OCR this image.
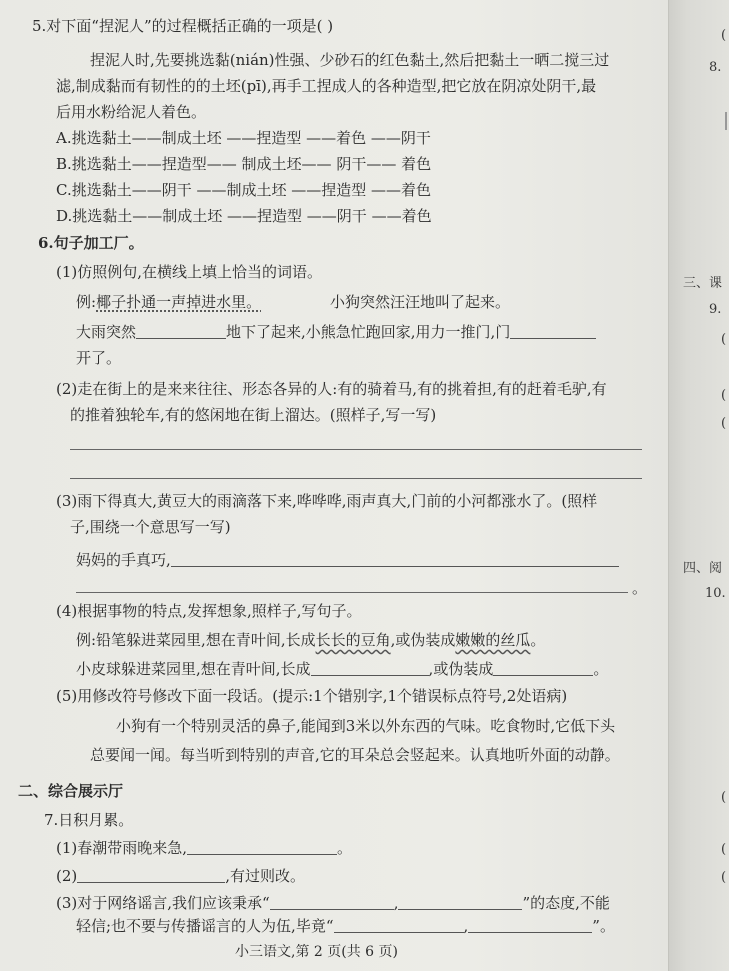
5.对下面“捏泥人”的过程概括正确的一项是( )
捏泥人时,先要挑选黏(nián)性强、少砂石的红色黏土,然后把黏土一晒二搅三过
滤,制成黏而有韧性的的土坯(pī),再手工捏成人的各种造型,把它放在阴凉处阴干,最
后用水粉给泥人着色。
A.挑选黏土——制成土坯 ——捏造型 ——着色 ——阴干
B.挑选黏土——捏造型—— 制成土坯—— 阴干—— 着色
C.挑选黏土——阴干 ——制成土坯 ——捏造型 ——着色
D.挑选黏土——制成土坯 ——捏造型 ——阴干 ——着色
6.句子加工厂。
(1)仿照例句,在横线上填上恰当的词语。
例:椰子扑通一声掉进水里。	小狗突然汪汪地叫了起来。
大雨突然	地下了起来,小熊急忙跑回家,用力一推门,门
开了。
(2)走在街上的是来来往往、形态各异的人:有的骑着马,有的挑着担,有的赶着毛驴,有
的推着独轮车,有的悠闲地在街上溜达。(照样子,写一写)
(3)雨下得真大,黄豆大的雨滴落下来,哗哗哗,雨声真大,门前的小河都涨水了。(照样
子,围绕一个意思写一写)
妈妈的手真巧,
。
(4)根据事物的特点,发挥想象,照样子,写句子。
例:铅笔躲进菜园里,想在青叶间,长成长长的豆角,或伪装成嫩嫩的丝瓜。
小皮球躲进菜园里,想在青叶间,长成	,或伪装成	。
(5)用修改符号修改下面一段话。(提示:1个错别字,1个错误标点符号,2处语病)
小狗有一个特别灵活的鼻子,能闻到3米以外东西的气味。吃食物时,它低下头
总要闻一闻。每当听到特别的声音,它的耳朵总会竖起来。认真地听外面的动静。
二、综合展示厅
7.日积月累。
(1)春潮带雨晚来急,	。
(2)	,有过则改。
(3)对于网络谣言,我们应该秉承“	,	”的态度,不能
轻信;也不要与传播谣言的人为伍,毕竟“	,	”。
小三语文,第 2 页(共 6 页)
(
8.
三、课
9.
(
(
(
四、阅
10.
(
(
(
